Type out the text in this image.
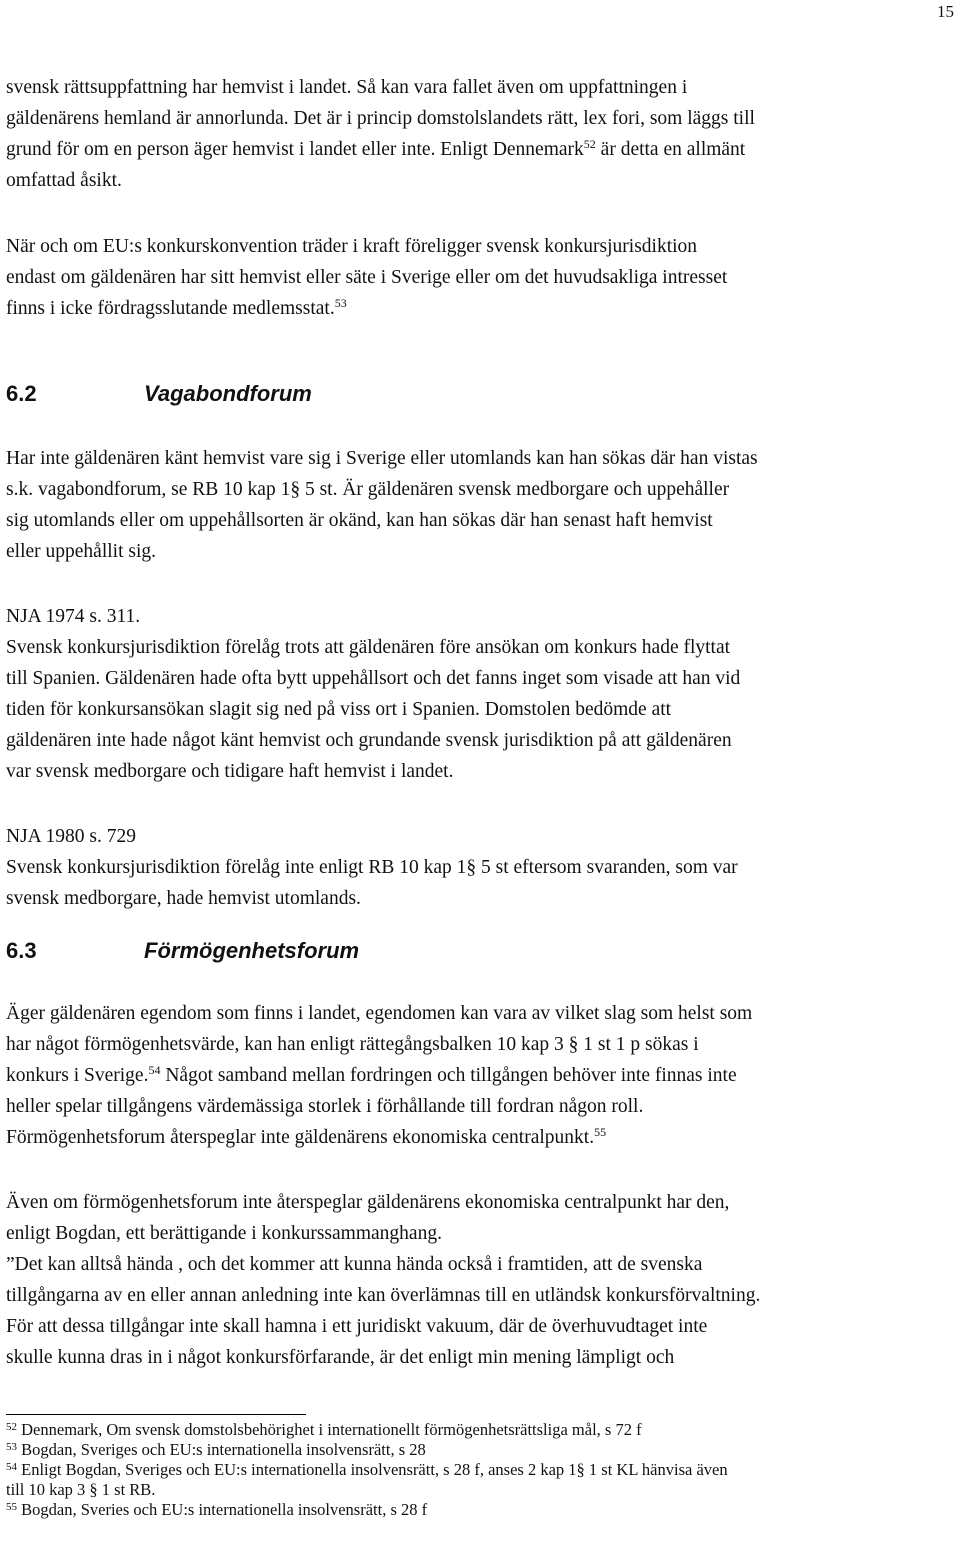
15
svensk rättsuppfattning har hemvist i landet. Så kan vara fallet även om uppfattningen i
gäldenärens hemland är annorlunda. Det är i princip domstolslandets rätt, lex fori, som läggs till
grund för om en person äger hemvist i landet eller inte. Enligt Dennemark$^{52}$ är detta en allmänt
omfattad åsikt.
När och om EU:s konkurskonvention träder i kraft föreligger svensk konkursjurisdiktion
endast om gäldenären har sitt hemvist eller säte i Sverige eller om det huvudsakliga intresset
finns i icke fördragsslutande medlemsstat.$^{53}$
6.2	Vagabondforum
Har inte gäldenären känt hemvist vare sig i Sverige eller utomlands kan han sökas där han vistas
s.k. vagabondforum, se RB 10 kap 1§ 5 st. Är gäldenären svensk medborgare och uppehåller
sig utomlands eller om uppehållsorten är okänd, kan han sökas där han senast haft hemvist
eller uppehållit sig.
NJA 1974 s. 311.
Svensk konkursjurisdiktion förelåg trots att gäldenären före ansökan om konkurs hade flyttat
till Spanien. Gäldenären hade ofta bytt uppehållsort och det fanns inget som visade att han vid
tiden för konkursansökan slagit sig ned på viss ort i Spanien. Domstolen bedömde att
gäldenären inte hade något känt hemvist och grundande svensk jurisdiktion på att gäldenären
var svensk medborgare och tidigare haft hemvist i landet.
NJA 1980 s. 729
Svensk konkursjurisdiktion förelåg inte enligt RB 10 kap 1§ 5 st eftersom svaranden, som var
svensk medborgare, hade hemvist utomlands.
6.3	Förmögenhetsforum
Äger gäldenären egendom som finns i landet, egendomen kan vara av vilket slag som helst som
har något förmögenhetsvärde, kan han enligt rättegångsbalken 10 kap 3 § 1 st 1 p sökas i
konkurs i Sverige.$^{54}$ Något samband mellan fordringen och tillgången behöver inte finnas inte
heller spelar tillgångens värdemässiga storlek i förhållande till fordran någon roll.
Förmögenhetsforum återspeglar inte gäldenärens ekonomiska centralpunkt.$^{55}$
Även om förmögenhetsforum inte återspeglar gäldenärens ekonomiska centralpunkt har den,
enligt Bogdan, ett berättigande i konkurssammanghang.
”Det kan alltså hända , och det kommer att kunna hända också i framtiden, att de svenska
tillgångarna av en eller annan anledning inte kan överlämnas till en utländsk konkursförvaltning.
För att dessa tillgångar inte skall hamna i ett juridiskt vakuum, där de överhuvudtaget inte
skulle kunna dras in i något konkursförfarande, är det enligt min mening lämpligt och
$^{52}$ Dennemark, Om svensk domstolsbehörighet i internationellt förmögenhetsrättsliga mål, s 72 f
$^{53}$ Bogdan, Sveriges och EU:s internationella insolvensrätt, s 28
$^{54}$ Enligt Bogdan, Sveriges och EU:s internationella insolvensrätt, s 28 f, anses 2 kap 1§ 1 st KL hänvisa även
till 10 kap 3 § 1 st RB.
$^{55}$ Bogdan, Sveries och EU:s internationella insolvensrätt, s 28 f
